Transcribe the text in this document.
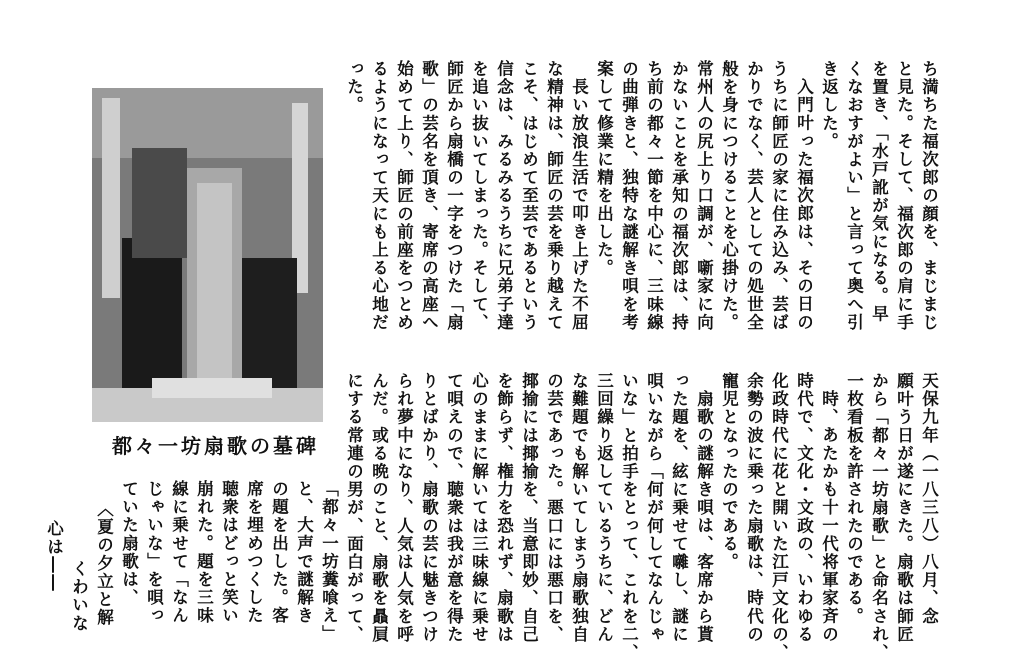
都々一坊扇歌の墓碑
ち満ちた福次郎の顔を、まじまじ
と見た。そして、福次郎の肩に手
を置き、「水戸訛が気になる。早
くなおすがよい」と言って奥へ引
き返した。
入門叶った福次郎は、その日の
うちに師匠の家に住み込み、芸ば
かりでなく、芸人としての処世全
般を身につけることを心掛けた。
常州人の尻上り口調が、噺家に向
かないことを承知の福次郎は、持
ち前の都々一節を中心に、三味線
の曲弾きと、独特な謎解き唄を考
案して修業に精を出した。
長い放浪生活で叩き上げた不屈
な精神は、師匠の芸を乗り越えて
こそ、はじめて至芸であるという
信念は、みるみるうちに兄弟子達
を追い抜いてしまった。そして、
師匠から扇橋の一字をつけた「扇
歌」の芸名を頂き、寄席の高座へ
始めて上り、師匠の前座をつとめ
るようになって天にも上る心地だ
った。
天保九年（一八三八）八月、念
願叶う日が遂にきた。扇歌は師匠
から「都々一坊扇歌」と命名され、
一枚看板を許されたのである。
時、あたかも十一代将軍家斉の
時代で、文化・文政の、いわゆる
化政時代に花と開いた江戸文化の、
余勢の波に乗った扇歌は、時代の
寵児となったのである。
扇歌の謎解き唄は、客席から貰
った題を、絃に乗せて囃し、謎に
唄いながら「何が何してなんじゃ
いな」と拍手をとって、これを二、
三回繰り返しているうちに、どん
な難題でも解いてしまう扇歌独自
の芸であった。悪口には悪口を、
揶揄には揶揄を、当意即妙、自己
を飾らず、権力を恐れず、扇歌は
心のままに解いては三味線に乗せ
て唄えので、聴衆は我が意を得た
りとばかり、扇歌の芸に魅きつけ
られ夢中になり、人気は人気を呼
んだ。或る晩のこと、扇歌を贔屓
にする常連の男が、面白がって、
「都々一坊糞喰え」
と、大声で謎解き
の題を出した。客
席を埋めつくした
聴衆はどっと笑い
崩れた。題を三味
線に乗せて「なん
じゃいな」を唄っ
ていた扇歌は、
〈夏の夕立と解
くわいな
心は――
